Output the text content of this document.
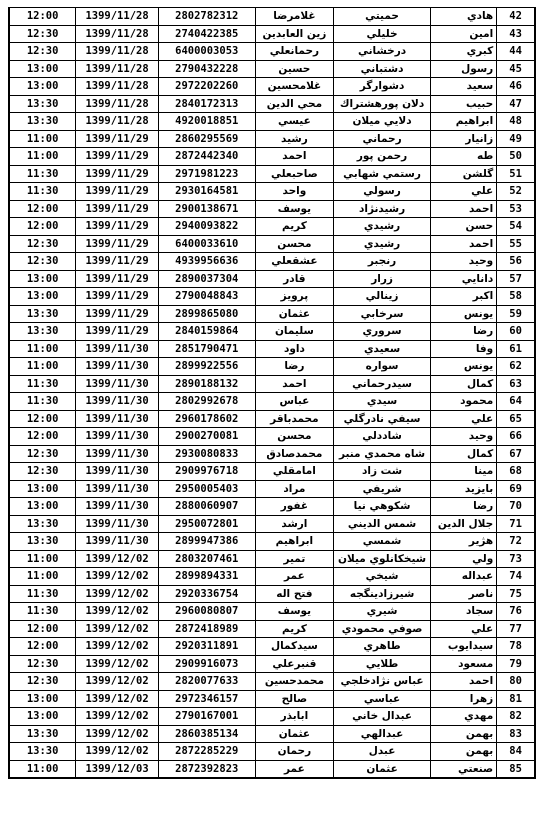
12:00	1399/11/28	2802782312	غلامرضا	حمیتي	هادي	42
12:30	1399/11/28	2740422385	زین العابدین	خلیلي	امین	43
12:30	1399/11/28	6400003053	رحمانعلي	درخشاني	کبري	44
13:00	1399/11/28	2790432228	حسین	دشتباني	رسول	45
13:00	1399/11/28	2972202260	غلامحسین	دشوارگر	سعید	46
13:30	1399/11/28	2840172313	محي الدین	دلان پورهشتراك	حبیب	47
13:30	1399/11/28	4920018851	عیسي	دلایي میلان	ابراهیم	48
11:00	1399/11/29	2860295569	رشید	رحماني	زانیار	49
11:00	1399/11/29	2872442340	احمد	رحمن پور	طه	50
11:30	1399/11/29	2971981223	صاحبعلي	رستمي شهابي	گلشن	51
11:30	1399/11/29	2930164581	واحد	رسولي	علي	52
12:00	1399/11/29	2900138671	یوسف	رشیدنژاد	احمد	53
12:00	1399/11/29	2940093822	کریم	رشیدي	حسن	54
12:30	1399/11/29	6400033610	محسن	رشیدي	احمد	55
12:30	1399/11/29	4939956636	عشقعلي	رنجبر	وحید	56
13:00	1399/11/29	2890037304	قادر	زرار	دانایي	57
13:00	1399/11/29	2790048843	پرویز	زینالي	اکبر	58
13:30	1399/11/29	2899865080	عثمان	سرخابي	یونس	59
13:30	1399/11/29	2840159864	سلیمان	سروري	رضا	60
11:00	1399/11/30	2851790471	داود	سعیدي	وفا	61
11:00	1399/11/30	2899922556	رضا	سواره	یونس	62
11:30	1399/11/30	2890188132	احمد	سیدرحماني	کمال	63
11:30	1399/11/30	2802992678	عباس	سیدي	محمود	64
12:00	1399/11/30	2960178602	محمدباقر	سیفي نادرگلي	علي	65
12:00	1399/11/30	2900270081	محسن	شاددلي	وحید	66
12:30	1399/11/30	2930080833	محمدصادق	شاه محمدي منبر	کمال	67
12:30	1399/11/30	2909976718	امامقلي	شت زاد	مینا	68
13:00	1399/11/30	2950005403	مراد	شریفي	بایزید	69
13:00	1399/11/30	2880060907	غفور	شکوهي نیا	رضا	70
13:30	1399/11/30	2950072801	ارشد	شمس الدیني	جلال الدین	71
13:30	1399/11/30	2899947386	ابراهیم	شمسي	هژیر	72
11:00	1399/12/02	2803207461	تمیر	شیخکانلوي میلان	ولي	73
11:00	1399/12/02	2899894331	عمر	شیخي	عبداله	74
11:30	1399/12/02	2920336754	فتح اله	شیرزادینگجه	ناصر	75
11:30	1399/12/02	2960080807	یوسف	شیري	سجاد	76
12:00	1399/12/02	2872418989	کریم	صوفي محمودي	علي	77
12:00	1399/12/02	2920311891	سیدکمال	طاهري	سیدایوب	78
12:30	1399/12/02	2909916073	قنبرعلي	طلایي	مسعود	79
12:30	1399/12/02	2820077633	محمدحسین	عباس نژادخلجي	احمد	80
13:00	1399/12/02	2972346157	صالح	عباسي	زهرا	81
13:00	1399/12/02	2790167001	ابابذر	عبدال خاني	مهدي	82
13:30	1399/12/02	2860385134	عثمان	عبدالهي	بهمن	83
13:30	1399/12/02	2872285229	رحمان	عبدل	بهمن	84
11:00	1399/12/03	2872392823	عمر	عثمان	صنعتي	85
